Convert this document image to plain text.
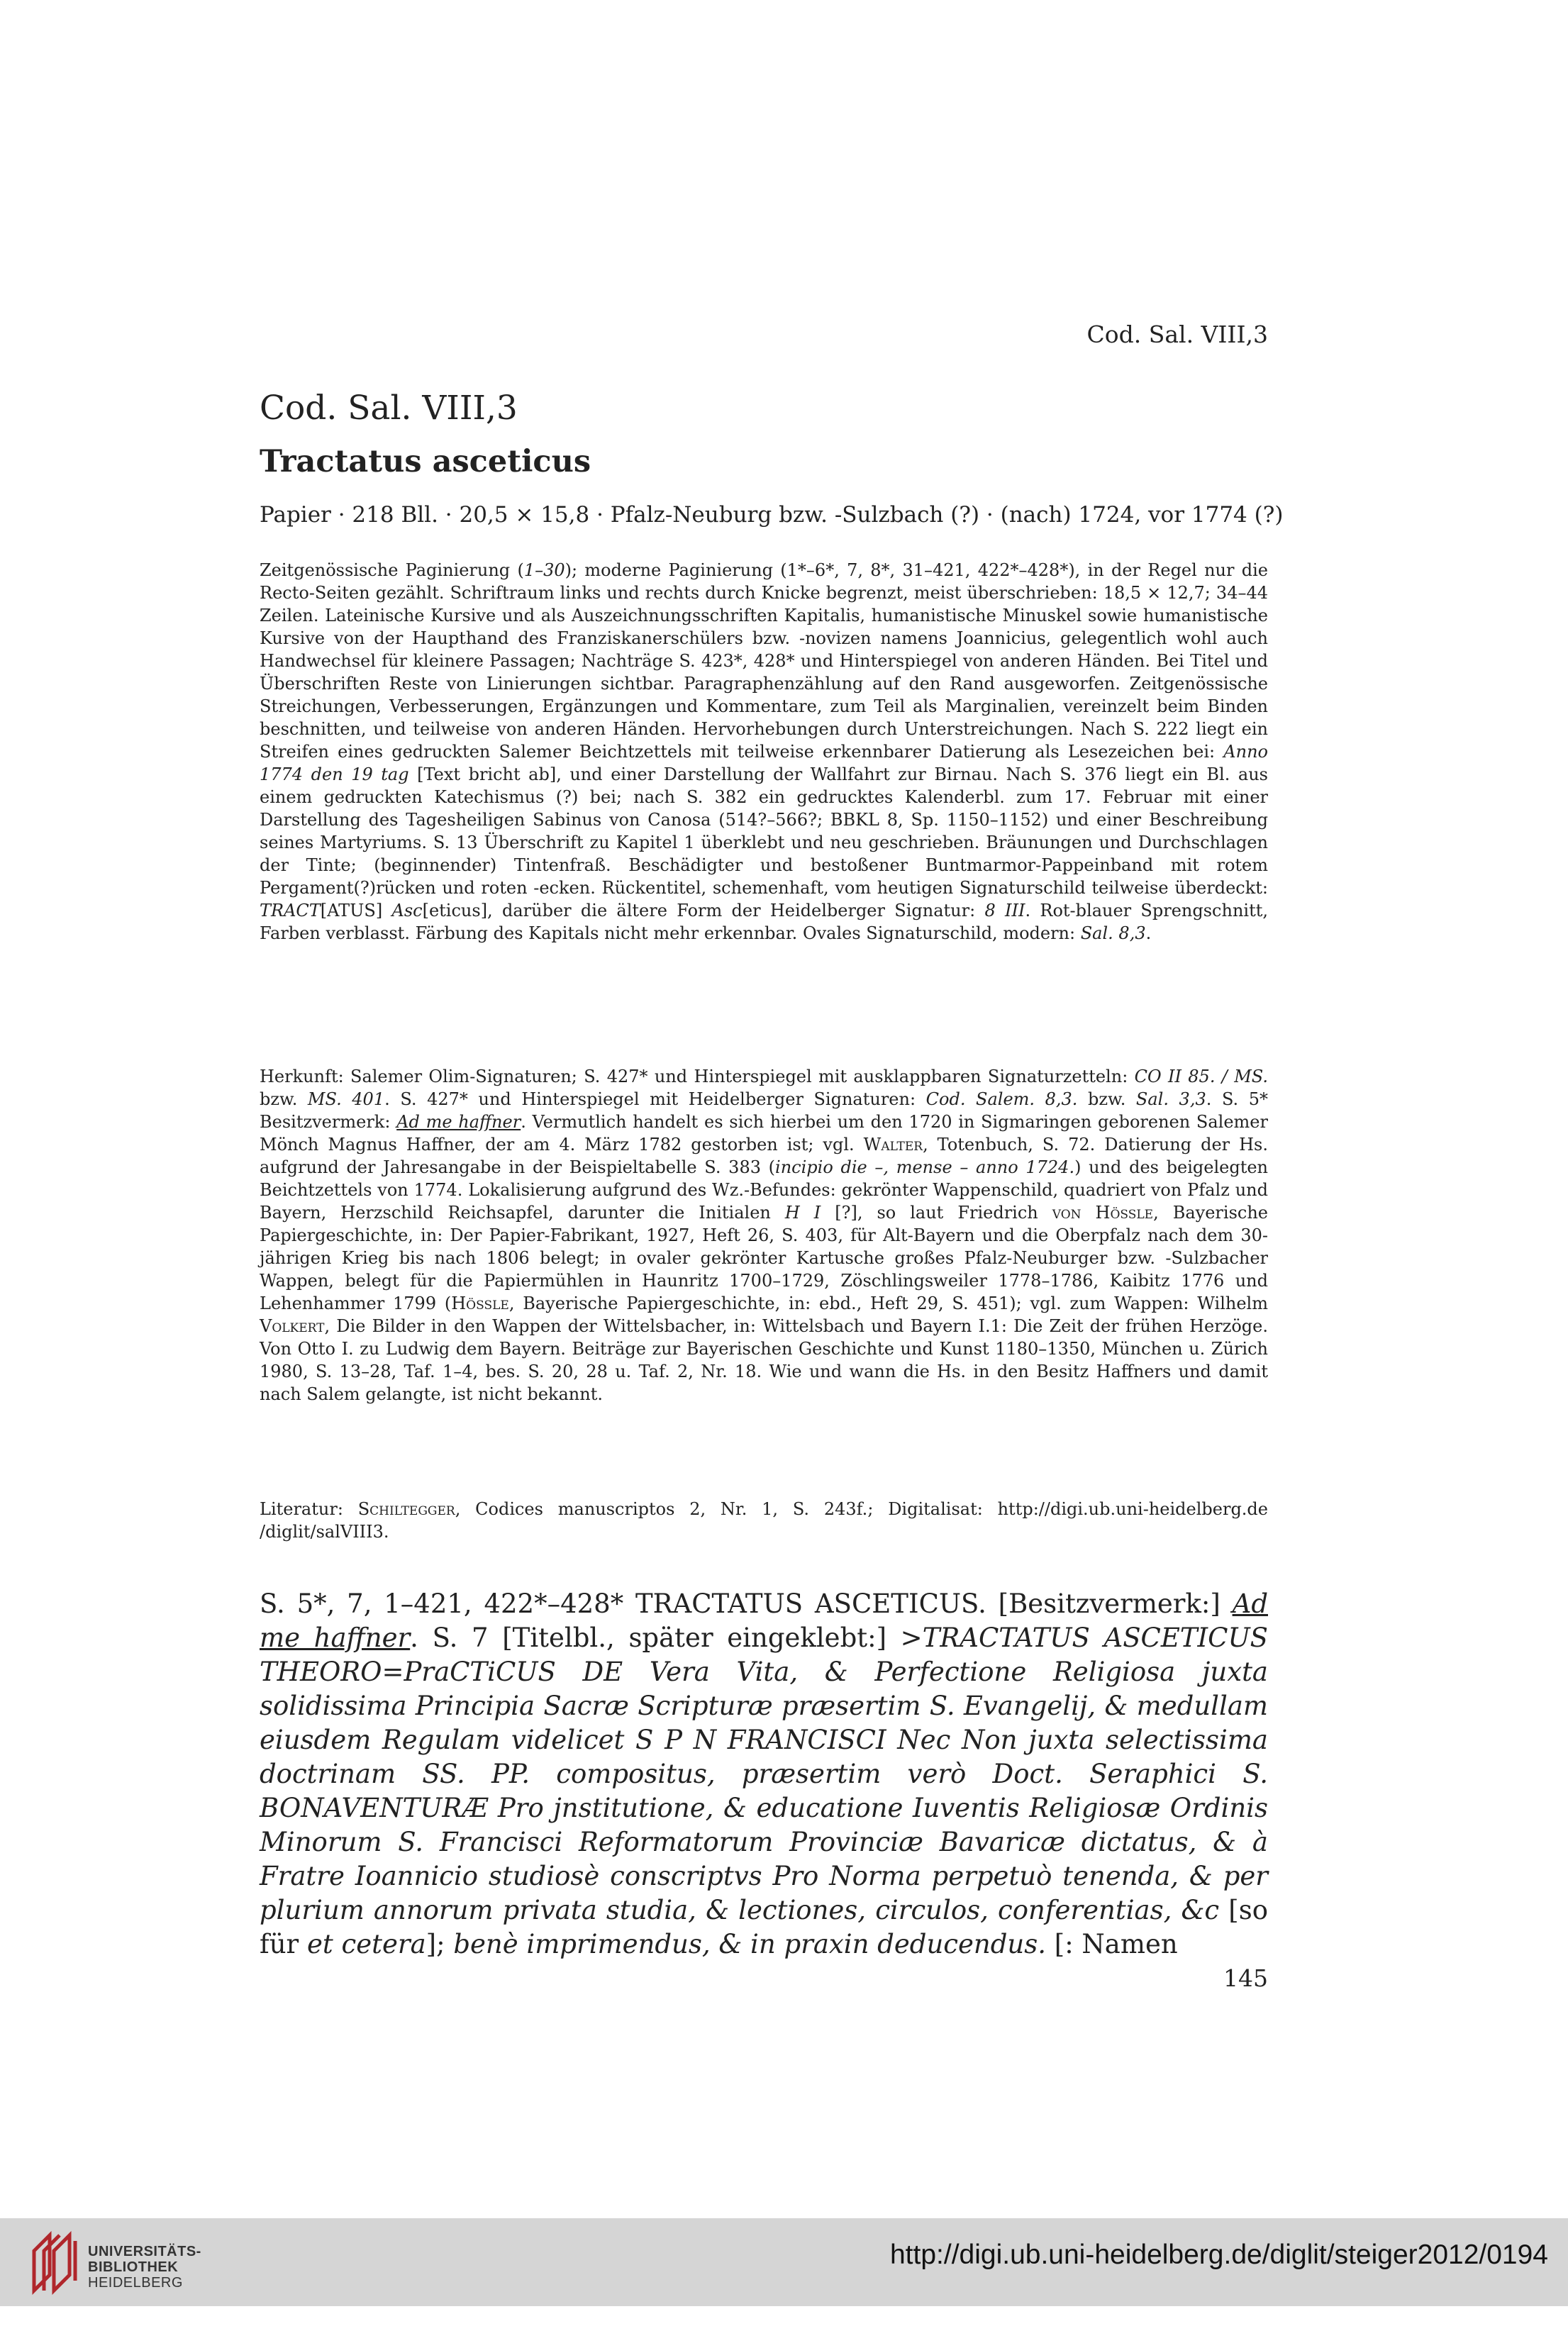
Cod. Sal. VIII,3
Cod. Sal. VIII,3
Tractatus asceticus
Papier · 218 Bll. · 20,5 × 15,8 · Pfalz-Neuburg bzw. -Sulzbach (?) · (nach) 1724, vor 1774 (?)
Zeitgenössische Paginierung (1–30); moderne Paginierung (1*–6*, 7, 8*, 31–421, 422*–428*), in der Regel nur die Recto-Seiten gezählt. Schriftraum links und rechts durch Knicke begrenzt, meist überschrieben: 18,5 × 12,7; 34–44 Zeilen. Lateinische Kursive und als Auszeichnungsschriften Kapitalis, humanistische Minuskel sowie humanistische Kursive von der Haupthand des Franziskanerschülers bzw. -novizen namens Joannicius, gelegentlich wohl auch Handwechsel für kleinere Passagen; Nachträge S. 423*, 428* und Hinterspiegel von anderen Händen. Bei Titel und Überschriften Reste von Linierungen sichtbar. Paragraphenzählung auf den Rand ausgeworfen. Zeitgenössische Streichungen, Verbesserungen, Ergänzungen und Kommentare, zum Teil als Marginalien, vereinzelt beim Binden beschnitten, und teilweise von anderen Händen. Hervorhebungen durch Unterstreichungen. Nach S. 222 liegt ein Streifen eines gedruckten Salemer Beichtzettels mit teilweise erkennbarer Datierung als Lesezeichen bei: Anno 1774 den 19 tag [Text bricht ab], und einer Darstellung der Wallfahrt zur Birnau. Nach S. 376 liegt ein Bl. aus einem gedruckten Katechismus (?) bei; nach S. 382 ein gedrucktes Kalenderbl. zum 17. Februar mit einer Darstellung des Tagesheiligen Sabinus von Canosa (514?–566?; BBKL 8, Sp. 1150–1152) und einer Beschreibung seines Martyriums. S. 13 Überschrift zu Kapitel 1 überklebt und neu geschrieben. Bräunungen und Durchschlagen der Tinte; (beginnender) Tintenfraß. Beschädigter und bestoßener Buntmarmor-Pappeinband mit rotem Pergament(?)rücken und roten -ecken. Rückentitel, schemenhaft, vom heutigen Signaturschild teilweise überdeckt: TRACT[ATUS] Asc[eticus], darüber die ältere Form der Heidelberger Signatur: 8 III. Rot-blauer Sprengschnitt, Farben verblasst. Färbung des Kapitals nicht mehr erkennbar. Ovales Signaturschild, modern: Sal. 8,3.
Herkunft: Salemer Olim-Signaturen; S. 427* und Hinterspiegel mit ausklappbaren Signaturzetteln: CO II 85. / MS. bzw. MS. 401. S. 427* und Hinterspiegel mit Heidelberger Signaturen: Cod. Salem. 8,3. bzw. Sal. 3,3. S. 5* Besitzvermerk: Ad me haffner. Vermutlich handelt es sich hierbei um den 1720 in Sigmaringen geborenen Salemer Mönch Magnus Haffner, der am 4. März 1782 gestorben ist; vgl. Walter, Totenbuch, S. 72. Datierung der Hs. aufgrund der Jahresangabe in der Beispieltabelle S. 383 (incipio die –, mense – anno 1724.) und des beigelegten Beichtzettels von 1774. Lokalisierung aufgrund des Wz.-Befundes: gekrönter Wappenschild, quadriert von Pfalz und Bayern, Herzschild Reichsapfel, darunter die Initialen H I [?], so laut Friedrich von Hössle, Bayerische Papiergeschichte, in: Der Papier-Fabrikant, 1927, Heft 26, S. 403, für Alt-Bayern und die Oberpfalz nach dem 30-jährigen Krieg bis nach 1806 belegt; in ovaler gekrönter Kartusche großes Pfalz-Neuburger bzw. -Sulzbacher Wappen, belegt für die Papiermühlen in Haunritz 1700–1729, Zöschlingsweiler 1778–1786, Kaibitz 1776 und Lehenhammer 1799 (Hössle, Bayerische Papiergeschichte, in: ebd., Heft 29, S. 451); vgl. zum Wappen: Wilhelm Volkert, Die Bilder in den Wappen der Wittelsbacher, in: Wittelsbach und Bayern I.1: Die Zeit der frühen Herzöge. Von Otto I. zu Ludwig dem Bayern. Beiträge zur Bayerischen Geschichte und Kunst 1180–1350, München u. Zürich 1980, S. 13–28, Taf. 1–4, bes. S. 20, 28 u. Taf. 2, Nr. 18. Wie und wann die Hs. in den Besitz Haffners und damit nach Salem gelangte, ist nicht bekannt.
Literatur: Schiltegger, Codices manuscriptos 2, Nr. 1, S. 243f.; Digitalisat: http://digi.ub.uni-heidelberg.de /diglit/salVIII3.
S. 5*, 7, 1–421, 422*–428* TRACTATUS ASCETICUS. [Besitzvermerk:] Ad me haffner. S. 7 [Titelbl., später eingeklebt:] >TRACTATUS ASCETICUS THEORO=PraCTiCUS DE Vera Vita, & Perfectione Religiosa juxta solidissima Principia Sacræ Scripturæ præsertim S. Evangelij, & medullam eiusdem Regulam videlicet S P N FRANCISCI Nec Non juxta selectissima doctrinam SS. PP. compositus, præsertim verò Doct. Seraphici S. BONAVENTURÆ Pro jnstitutione, & educatione Iuventis Religiosæ Ordinis Minorum S. Francisci Reformatorum Provinciæ Bavaricæ dictatus, & à Fratre Ioannicio studiosè conscriptvs Pro Norma perpetuò tenenda, & per plurium annorum privata studia, & lectiones, circulos, conferentias, &c [so für et cetera]; benè imprimendus, & in praxin deducendus. [: Namen
145
UNIVERSITÄTS-
BIBLIOTHEK
HEIDELBERG
http://digi.ub.uni-heidelberg.de/diglit/steiger2012/0194
